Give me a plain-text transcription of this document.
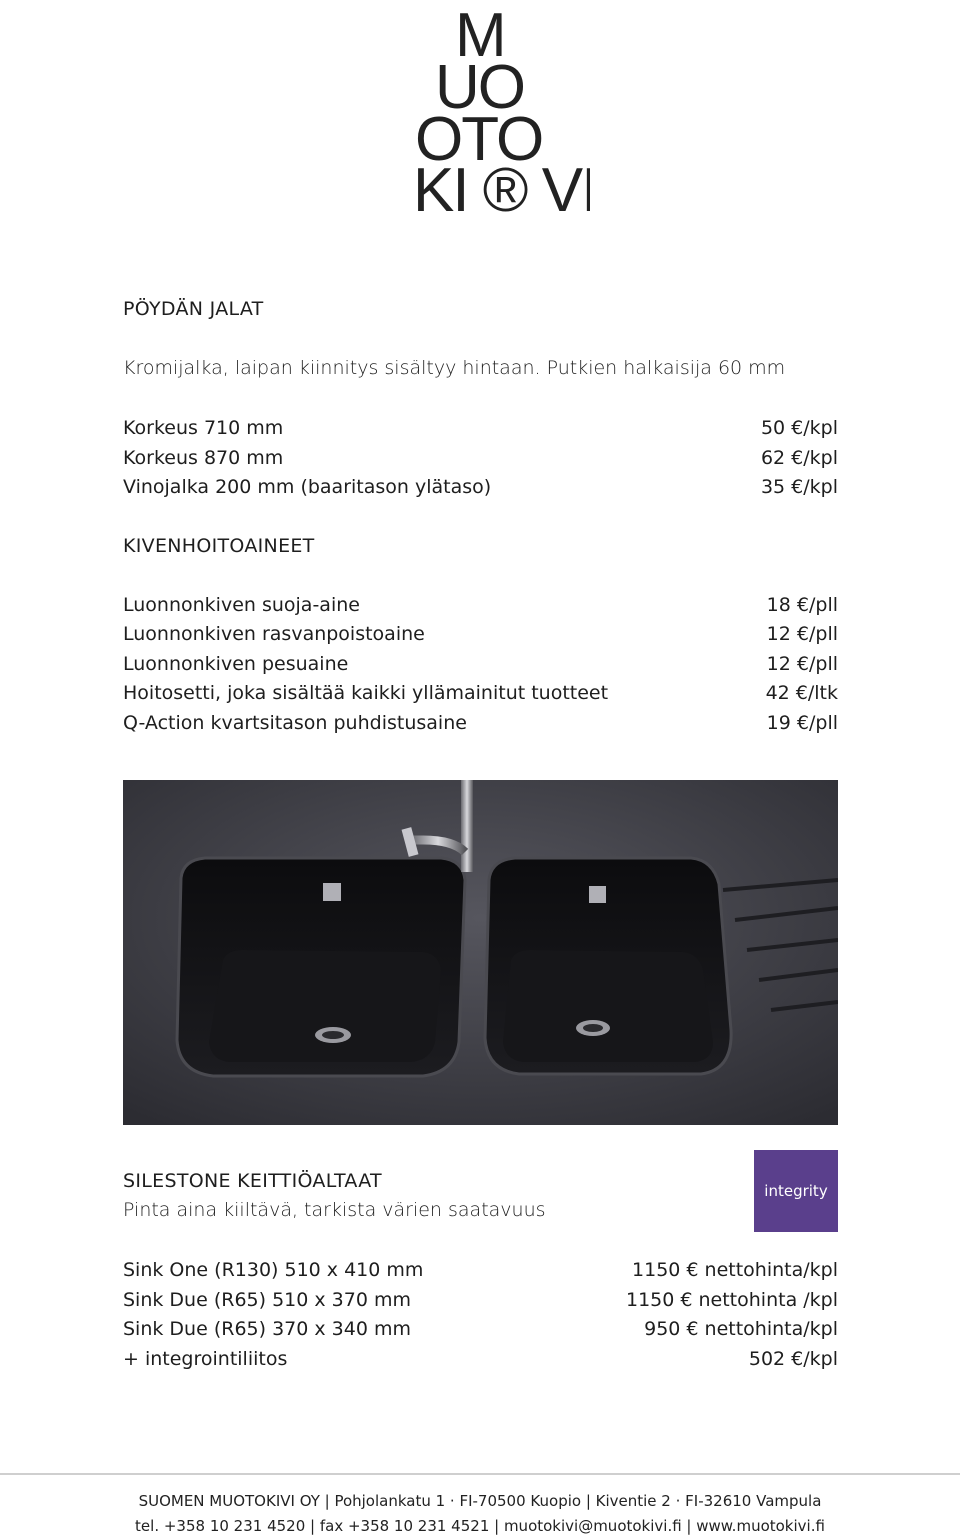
M
UO
OTO
KI ® VI
PÖYDÄN JALAT
Kromijalka, laipan kiinnitys sisältyy hintaan. Putkien halkaisija 60 mm
Korkeus 710 mm	50 €/kpl
Korkeus 870 mm	62 €/kpl
Vinojalka 200 mm (baaritason ylätaso)	35 €/kpl
KIVENHOITOAINEET
Luonnonkiven suoja-aine	18 €/pll
Luonnonkiven rasvanpoistoaine	12 €/pll
Luonnonkiven pesuaine	12 €/pll
Hoitosetti, joka sisältää kaikki yllämainitut tuotteet	42 €/ltk
Q-Action kvartsitason puhdistusaine	19 €/pll
SILESTONE KEITTIÖALTAAT
Pinta aina kiiltävä, tarkista värien saatavuus
integrity
Sink One (R130) 510 x 410 mm	1150 € nettohinta/kpl
Sink Due (R65) 510 x 370 mm	1150 € nettohinta /kpl
Sink Due (R65) 370 x 340 mm	950 € nettohinta/kpl
+ integrointiliitos	502 €/kpl
SUOMEN MUOTOKIVI OY | Pohjolankatu 1 · FI-70500 Kuopio | Kiventie 2 · FI-32610 Vampula
tel. +358 10 231 4520 | fax +358 10 231 4521 | muotokivi@muotokivi.fi | www.muotokivi.fi
